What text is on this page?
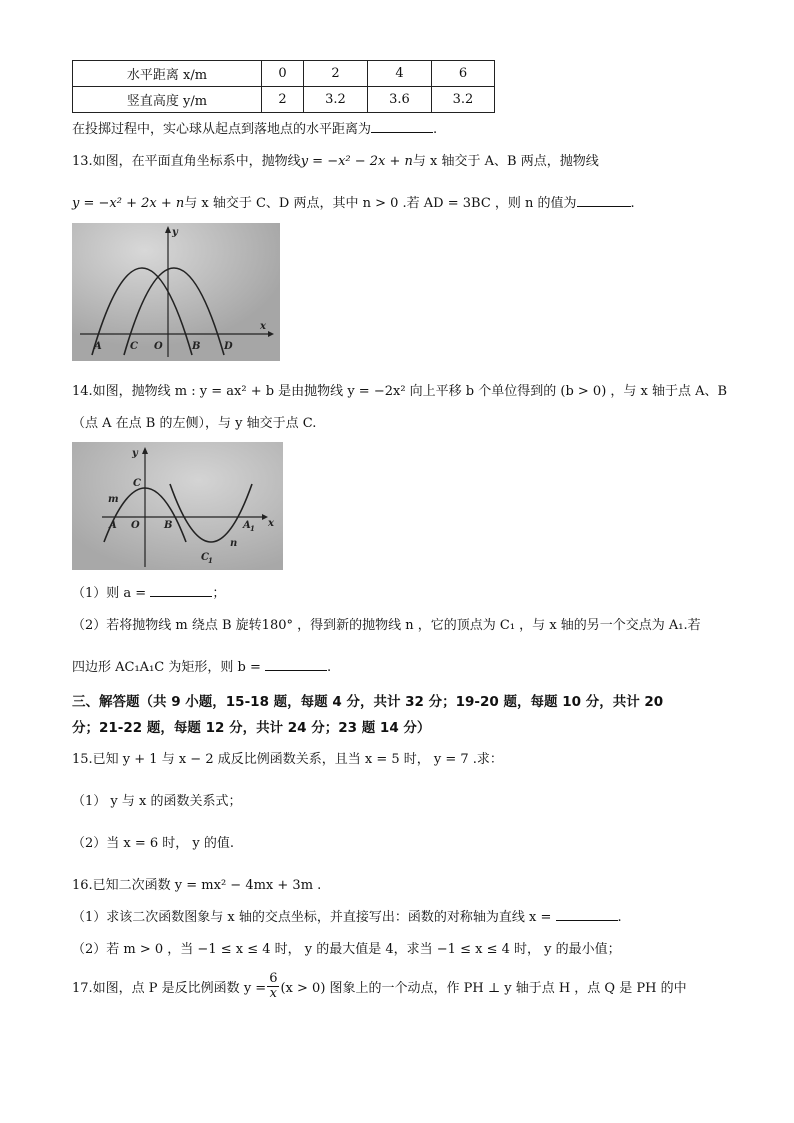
水平距离 x/m	0	2	4	6
竖直高度 y/m	2	3.2	3.6	3.2
在投掷过程中，实心球从起点到落地点的水平距离为	.
13.如图，在平面直角坐标系中，抛物线y = −x² − 2x + n与 x 轴交于 A、B 两点，抛物线
y = −x² + 2x + n与 x 轴交于 C、D 两点，其中 n > 0 .若 AD = 3BC ，则 n 的值为	.
y
x
A	C O	B D
14.如图，抛物线 m : y = ax² + b 是由抛物线 y = −2x² 向上平移 b 个单位得到的 (b > 0) ，与 x 轴于点 A、B
（点 A 在点 B 的左侧），与 y 轴交于点 C.
y
x
C
m
A O B	A 1
C 1
n
（1）则 a =	；
（2）若将抛物线 m 绕点 B 旋转180° ，得到新的抛物线 n ，它的顶点为 C₁ ，与 x 轴的另一个交点为 A₁.若
四边形 AC₁A₁C 为矩形，则 b =	.
三、解答题（共 9 小题，15-18 题，每题 4 分，共计 32 分；19-20 题，每题 10 分，共计 20
分；21-22 题，每题 12 分，共计 24 分；23 题 14 分）
15.已知 y + 1 与 x − 2 成反比例函数关系，且当 x = 5 时， y = 7 .求：
（1） y 与 x 的函数关系式；
（2）当 x = 6 时， y 的值.
16.已知二次函数 y = mx² − 4mx + 3m .
（1）求该二次函数图象与 x 轴的交点坐标，并直接写出：函数的对称轴为直线 x =	.
（2）若 m > 0 ，当 −1 ≤ x ≤ 4 时， y 的最大值是 4，求当 −1 ≤ x ≤ 4 时， y 的最小值；
17.如图，点 P 是反比例函数 $y = \frac{6}{x} (x > 0)$ 图象上的一个动点，作 PH ⊥ y 轴于点 H ，点 Q 是 PH 的中
